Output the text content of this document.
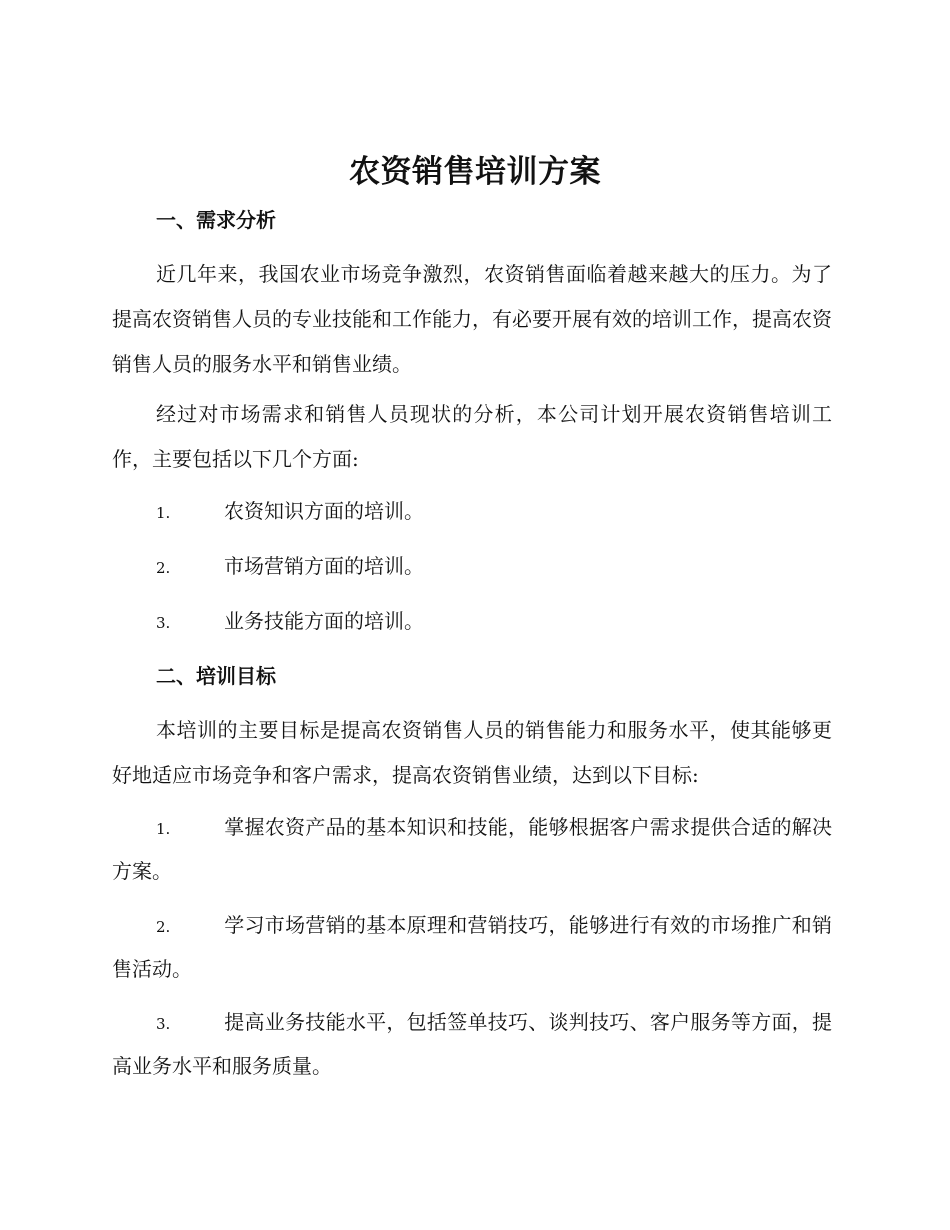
农资销售培训方案
一、需求分析

近几年来，我国农业市场竞争激烈，农资销售面临着越来越大的压力。为了提高农资销售人员的专业技能和工作能力，有必要开展有效的培训工作，提高农资销售人员的服务水平和销售业绩。

经过对市场需求和销售人员现状的分析，本公司计划开展农资销售培训工作，主要包括以下几个方面:

1.	农资知识方面的培训。

2.	市场营销方面的培训。

3.	业务技能方面的培训。

二、培训目标

本培训的主要目标是提高农资销售人员的销售能力和服务水平，使其能够更好地适应市场竞争和客户需求，提高农资销售业绩，达到以下目标:

1.	掌握农资产品的基本知识和技能，能够根据客户需求提供合适的解决方案。

2.	学习市场营销的基本原理和营销技巧，能够进行有效的市场推广和销售活动。

3.	提高业务技能水平，包括签单技巧、谈判技巧、客户服务等方面，提高业务水平和服务质量。
